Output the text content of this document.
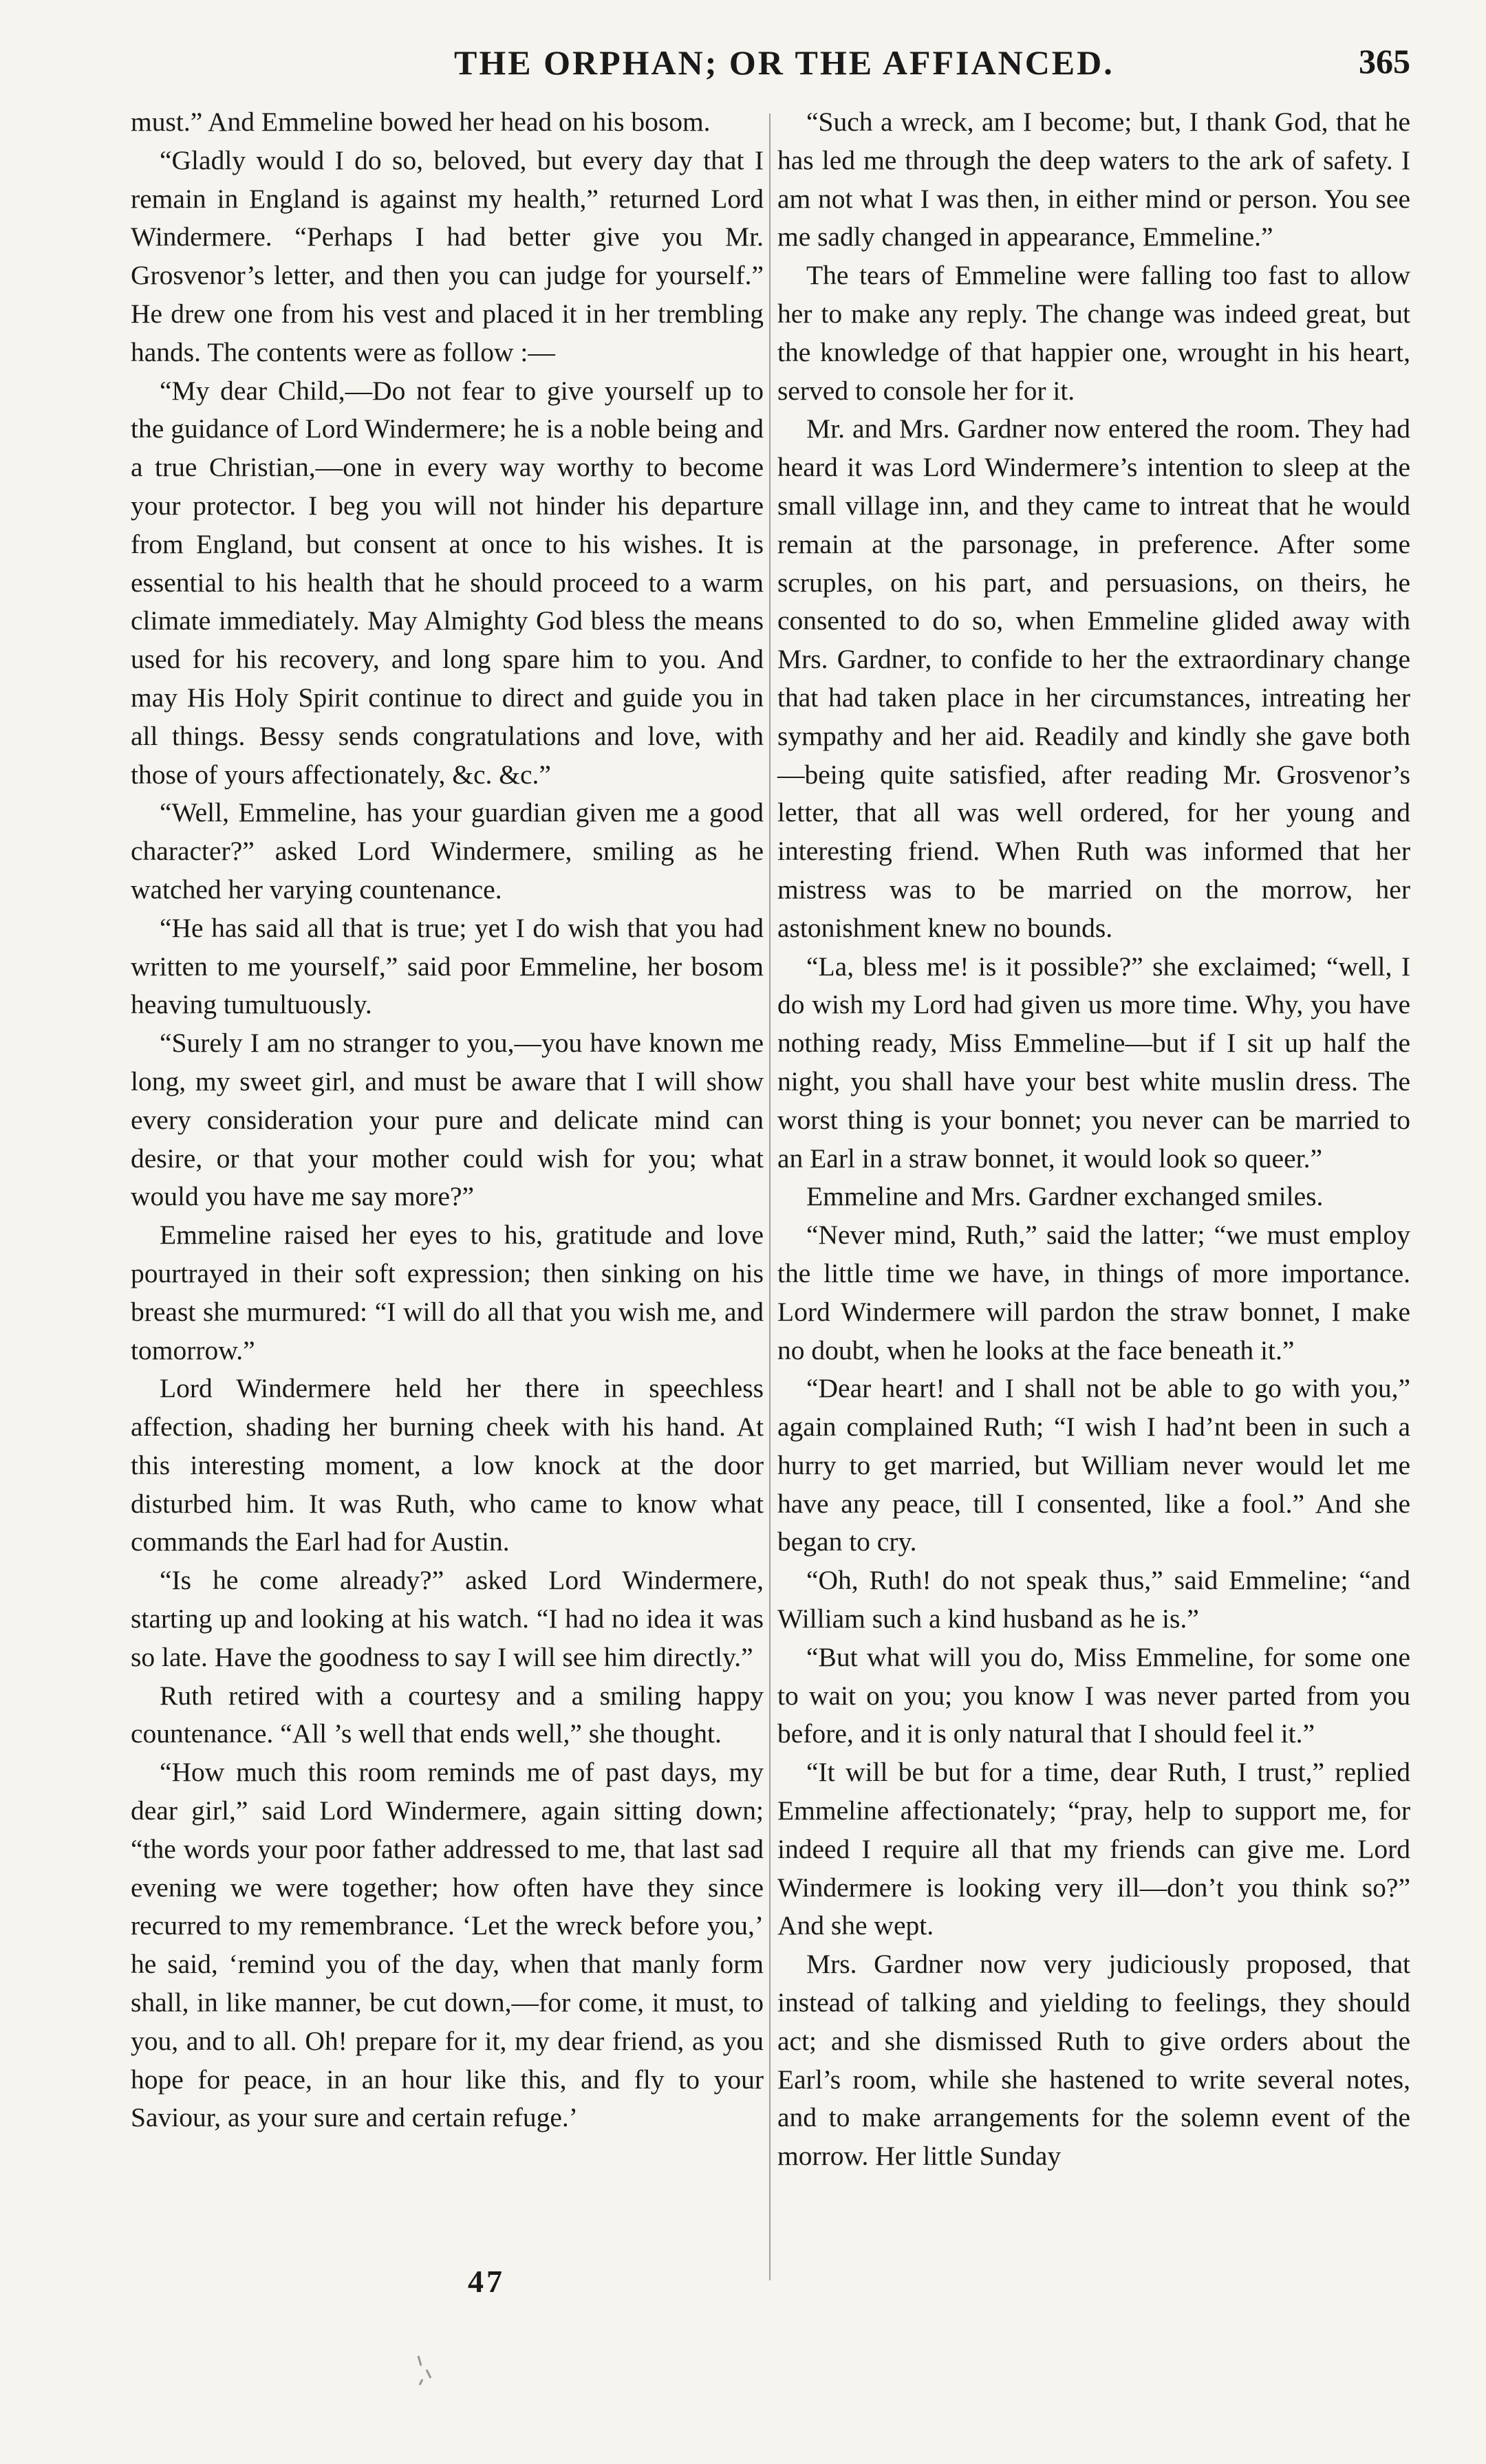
THE ORPHAN; OR THE AFFIANCED.	365

must.” And Emmeline bowed her head on his bosom.

“Gladly would I do so, beloved, but every day that I remain in England is against my health,” returned Lord Windermere. “Perhaps I had better give you Mr. Grosvenor’s letter, and then you can judge for yourself.” He drew one from his vest and placed it in her trembling hands. The contents were as follow :—

“My dear Child,—Do not fear to give yourself up to the guidance of Lord Windermere; he is a noble being and a true Christian,—one in every way worthy to become your protector. I beg you will not hinder his departure from England, but consent at once to his wishes. It is essential to his health that he should proceed to a warm climate immediately. May Almighty God bless the means used for his recovery, and long spare him to you. And may His Holy Spirit continue to direct and guide you in all things. Bessy sends congratulations and love, with those of yours affectionately, &c. &c.”

“Well, Emmeline, has your guardian given me a good character?” asked Lord Windermere, smiling as he watched her varying countenance.

“He has said all that is true; yet I do wish that you had written to me yourself,” said poor Emmeline, her bosom heaving tumultuously.

“Surely I am no stranger to you,—you have known me long, my sweet girl, and must be aware that I will show every consideration your pure and delicate mind can desire, or that your mother could wish for you; what would you have me say more?”

Emmeline raised her eyes to his, gratitude and love pourtrayed in their soft expression; then sinking on his breast she murmured: “I will do all that you wish me, and tomorrow.”

Lord Windermere held her there in speechless affection, shading her burning cheek with his hand. At this interesting moment, a low knock at the door disturbed him. It was Ruth, who came to know what commands the Earl had for Austin.

“Is he come already?” asked Lord Windermere, starting up and looking at his watch. “I had no idea it was so late. Have the goodness to say I will see him directly.”

Ruth retired with a courtesy and a smiling happy countenance. “All ’s well that ends well,” she thought.

“How much this room reminds me of past days, my dear girl,” said Lord Windermere, again sitting down; “the words your poor father addressed to me, that last sad evening we were together; how often have they since recurred to my remembrance. ‘Let the wreck before you,’ he said, ‘remind you of the day, when that manly form shall, in like manner, be cut down,—for come, it must, to you, and to all. Oh! prepare for it, my dear friend, as you hope for peace, in an hour like this, and fly to your Saviour, as your sure and certain refuge.’

“Such a wreck, am I become; but, I thank God, that he has led me through the deep waters to the ark of safety. I am not what I was then, in either mind or person. You see me sadly changed in appearance, Emmeline.”

The tears of Emmeline were falling too fast to allow her to make any reply. The change was indeed great, but the knowledge of that happier one, wrought in his heart, served to console her for it.

Mr. and Mrs. Gardner now entered the room. They had heard it was Lord Windermere’s intention to sleep at the small village inn, and they came to intreat that he would remain at the parsonage, in preference. After some scruples, on his part, and persuasions, on theirs, he consented to do so, when Emmeline glided away with Mrs. Gardner, to confide to her the extraordinary change that had taken place in her circumstances, intreating her sympathy and her aid. Readily and kindly she gave both—being quite satisfied, after reading Mr. Grosvenor’s letter, that all was well ordered, for her young and interesting friend. When Ruth was informed that her mistress was to be married on the morrow, her astonishment knew no bounds.

“La, bless me! is it possible?” she exclaimed; “well, I do wish my Lord had given us more time. Why, you have nothing ready, Miss Emmeline—but if I sit up half the night, you shall have your best white muslin dress. The worst thing is your bonnet; you never can be married to an Earl in a straw bonnet, it would look so queer.”

Emmeline and Mrs. Gardner exchanged smiles.

“Never mind, Ruth,” said the latter; “we must employ the little time we have, in things of more importance. Lord Windermere will pardon the straw bonnet, I make no doubt, when he looks at the face beneath it.”

“Dear heart! and I shall not be able to go with you,” again complained Ruth; “I wish I had’nt been in such a hurry to get married, but William never would let me have any peace, till I consented, like a fool.” And she began to cry.

“Oh, Ruth! do not speak thus,” said Emmeline; “and William such a kind husband as he is.”

“But what will you do, Miss Emmeline, for some one to wait on you; you know I was never parted from you before, and it is only natural that I should feel it.”

“It will be but for a time, dear Ruth, I trust,” replied Emmeline affectionately; “pray, help to support me, for indeed I require all that my friends can give me. Lord Windermere is looking very ill—don’t you think so?” And she wept.

Mrs. Gardner now very judiciously proposed, that instead of talking and yielding to feelings, they should act; and she dismissed Ruth to give orders about the Earl’s room, while she hastened to write several notes, and to make arrangements for the solemn event of the morrow. Her little Sunday

47
